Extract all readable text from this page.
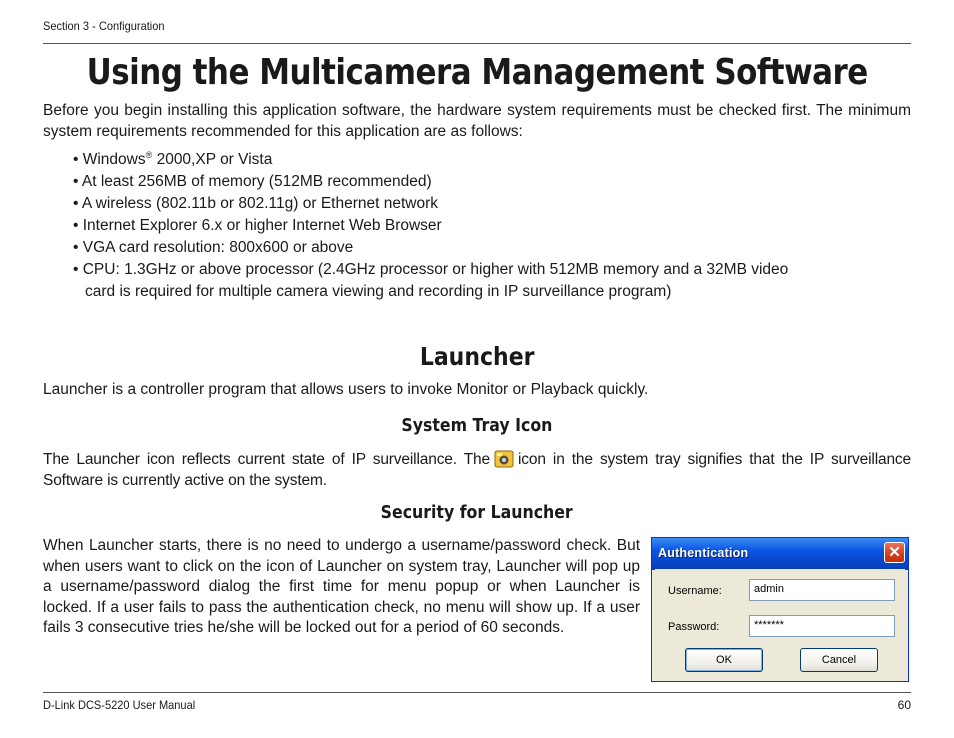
Section 3 - Configuration
Using the Multicamera Management Software
Before you begin installing this application software, the hardware system requirements must be checked first. The minimum system requirements recommended for this application are as follows:
• Windows® 2000,XP or Vista
• At least 256MB of memory (512MB recommended)
• A wireless (802.11b or 802.11g) or Ethernet network
• Internet Explorer 6.x or higher Internet Web Browser
• VGA card resolution: 800x600 or above
• CPU: 1.3GHz or above processor (2.4GHz processor or higher with 512MB memory and a 32MB video
card is required for multiple camera viewing and recording in IP surveillance program)
Launcher
Launcher is a controller program that allows users to invoke Monitor or Playback quickly.
System Tray Icon
The Launcher icon reflects current state of IP surveillance. The icon in the system tray signifies that the IP surveillance Software is currently active on the system.
Security for Launcher
When Launcher starts, there is no need to undergo a username/password check. But when users want to click on the icon of Launcher on system tray, Launcher will pop up a username/password dialog the first time for menu popup or when Launcher is locked. If a user fails to pass the authentication check, no menu will show up. If a user fails 3 consecutive tries he/she will be locked out for a period of 60 seconds.
Authentication	✕
Username:	admin
Password:	*******
OK	Cancel
D-Link DCS-5220 User Manual	60
